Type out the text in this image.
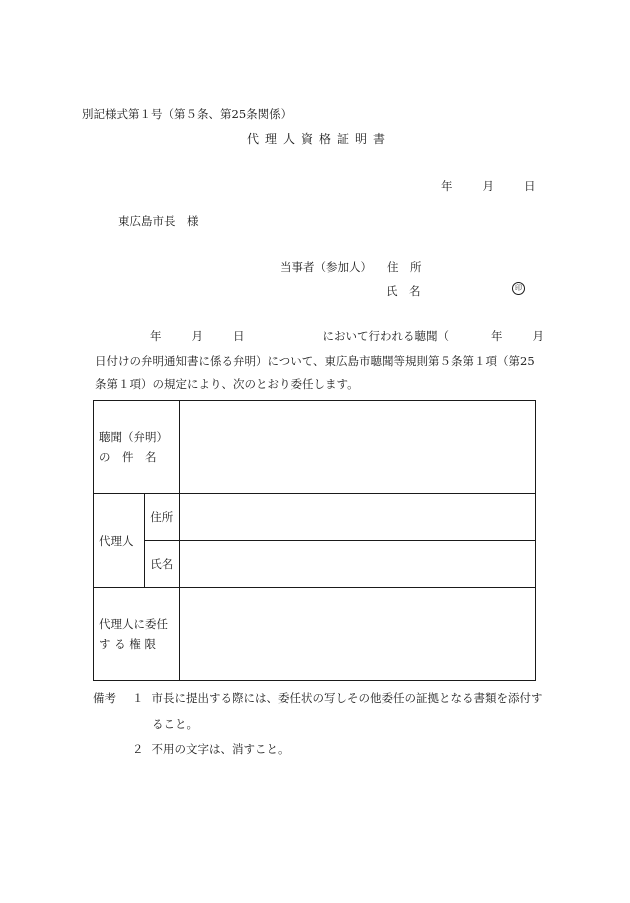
別記様式第１号（第５条、第25条関係）
代理人資格証明書
年	月	日
東広島市長　様
当事者（参加人） 住　所
氏　名	印
年	月	日	において行われる聴聞（	年	月
日付けの弁明通知書に係る弁明）について、東広島市聴聞等規則第５条第１項（第25
条第１項）の規定により、次のとおり委任します。
聴聞（弁明）
の　件　名		

代理人	住所	
	氏名	

代理人に委任
す る 権 限		

備考 １ 市長に提出する際には、委任状の写しその他委任の証拠となる書類を添付す
ること。
２ 不用の文字は、消すこと。
